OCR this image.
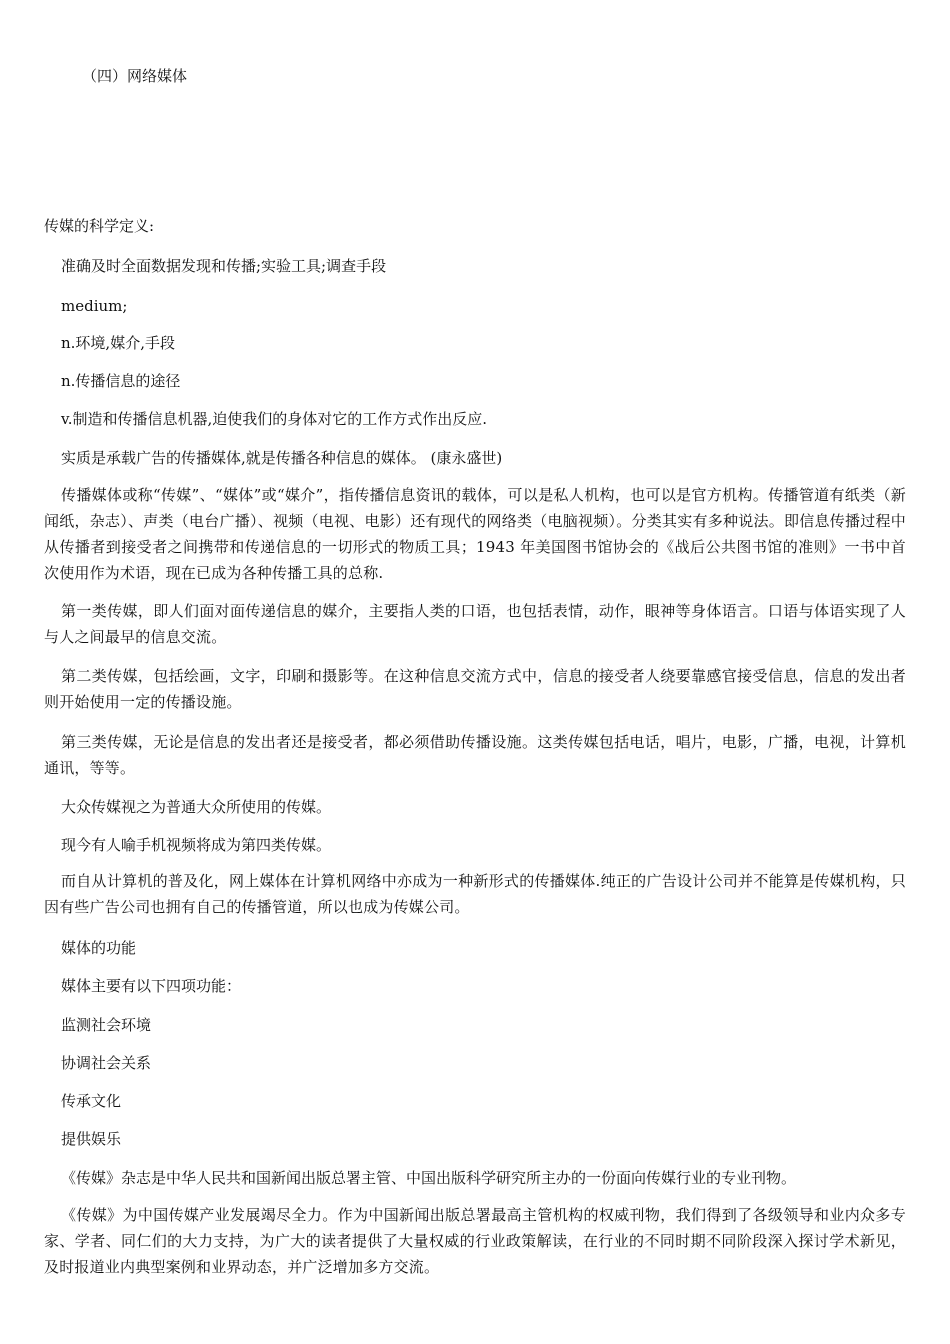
（四）网络媒体
传媒的科学定义:
准确及时全面数据发现和传播;实验工具;调查手段
medium;
n.环境,媒介,手段
n.传播信息的途径
v.制造和传播信息机器,迫使我们的身体对它的工作方式作出反应.
实质是承载广告的传播媒体,就是传播各种信息的媒体。 (康永盛世)

传播媒体或称“传媒”、“媒体”或“媒介”，指传播信息资讯的载体，可以是私人机构，也可以是官方机构。传播管道有纸类（新闻纸，杂志）、声类（电台广播）、视频（电视、电影）还有现代的网络类（电脑视频）。分类其实有多种说法。即信息传播过程中从传播者到接受者之间携带和传递信息的一切形式的物质工具；1943 年美国图书馆协会的《战后公共图书馆的准则》一书中首次使用作为术语，现在已成为各种传播工具的总称.

第一类传媒，即人们面对面传递信息的媒介，主要指人类的口语，也包括表情，动作，眼神等身体语言。口语与体语实现了人与人之间最早的信息交流。

第二类传媒，包括绘画，文字，印刷和摄影等。在这种信息交流方式中，信息的接受者人绕要靠感官接受信息，信息的发出者则开始使用一定的传播设施。

第三类传媒，无论是信息的发出者还是接受者，都必须借助传播设施。这类传媒包括电话，唱片，电影，广播，电视，计算机通讯，等等。

大众传媒视之为普通大众所使用的传媒。
现今有人喻手机视频将成为第四类传媒。

而自从计算机的普及化，网上媒体在计算机网络中亦成为一种新形式的传播媒体.纯正的广告设计公司并不能算是传媒机构，只因有些广告公司也拥有自己的传播管道，所以也成为传媒公司。

媒体的功能
媒体主要有以下四项功能：
监测社会环境
协调社会关系
传承文化
提供娱乐
《传媒》杂志是中华人民共和国新闻出版总署主管、中国出版科学研究所主办的一份面向传媒行业的专业刊物。

《传媒》为中国传媒产业发展竭尽全力。作为中国新闻出版总署最高主管机构的权威刊物，我们得到了各级领导和业内众多专家、学者、同仁们的大力支持，为广大的读者提供了大量权威的行业政策解读，在行业的不同时期不同阶段深入探讨学术新见，及时报道业内典型案例和业界动态，并广泛增加多方交流。
